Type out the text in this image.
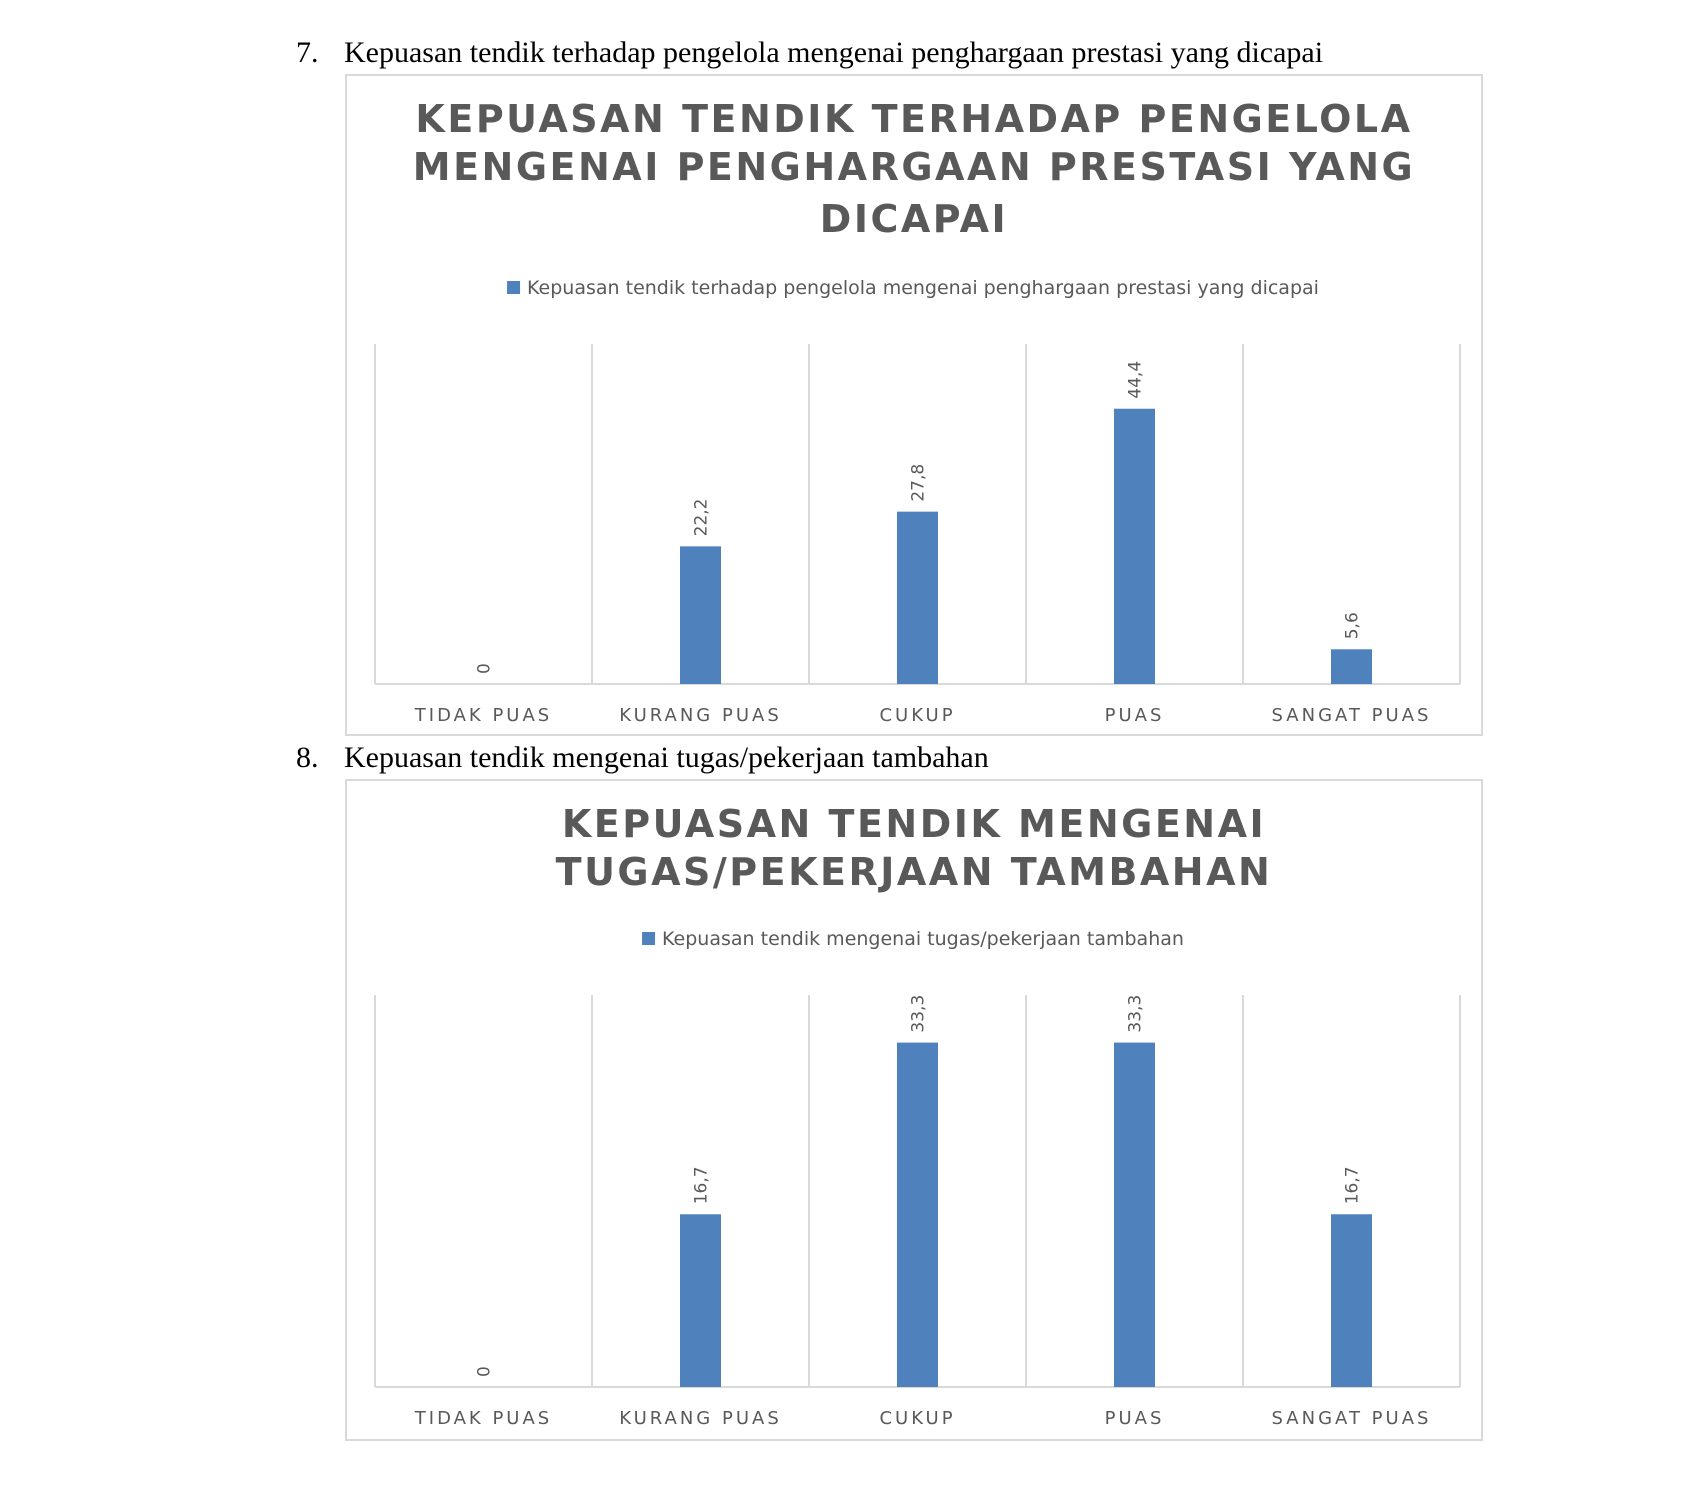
7. Kepuasan tendik terhadap pengelola mengenai penghargaan prestasi yang dicapai
KEPUASAN TENDIK TERHADAP PENGELOLA
MENGENAI PENGHARGAAN PRESTASI YANG
DICAPAI
Kepuasan tendik terhadap pengelola mengenai penghargaan prestasi yang dicapai
0
TIDAK PUAS
22,2
KURANG PUAS
27,8
CUKUP
44,4
PUAS
5,6
SANGAT PUAS
8. Kepuasan tendik mengenai tugas/pekerjaan tambahan
KEPUASAN TENDIK MENGENAI
TUGAS/PEKERJAAN TAMBAHAN
Kepuasan tendik mengenai tugas/pekerjaan tambahan
0
TIDAK PUAS
16,7
KURANG PUAS
33,3
CUKUP
33,3
PUAS
16,7
SANGAT PUAS
